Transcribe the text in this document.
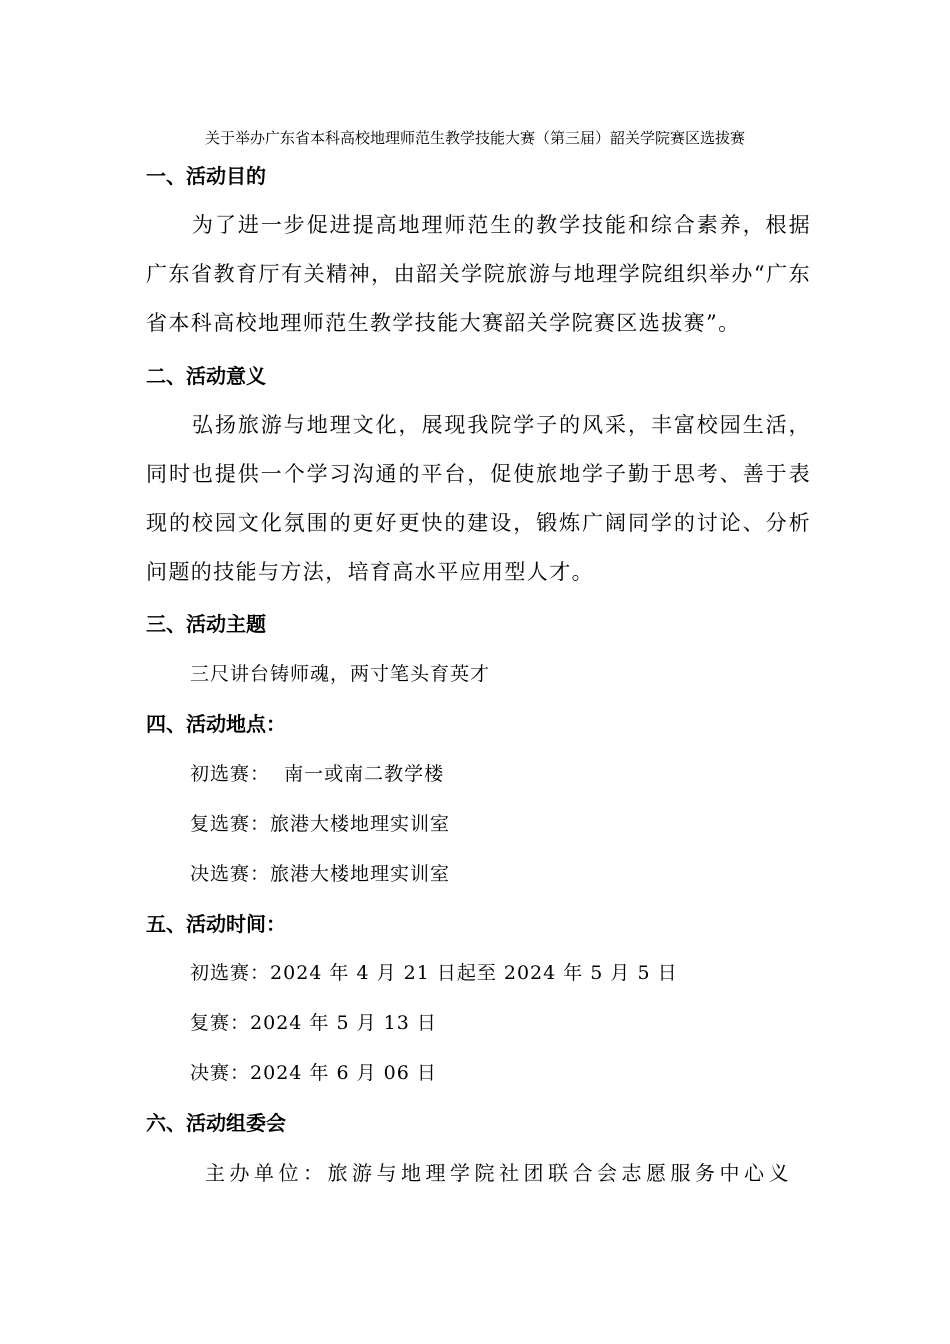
关于举办广东省本科高校地理师范生教学技能大赛（第三届）韶关学院赛区选拔赛
一、活动目的

为了进一步促进提高地理师范生的教学技能和综合素养，根据广东省教育厅有关精神，由韶关学院旅游与地理学院组织举办“广东省本科高校地理师范生教学技能大赛韶关学院赛区选拔赛”。

二、活动意义

弘扬旅游与地理文化，展现我院学子的风采，丰富校园生活，同时也提供一个学习沟通的平台，促使旅地学子勤于思考、善于表现的校园文化氛围的更好更快的建设，锻炼广阔同学的讨论、分析问题的技能与方法，培育高水平应用型人才。

三、活动主题
三尺讲台铸师魂，两寸笔头育英才
四、活动地点：
初选赛： 南一或南二教学楼
复选赛：旅港大楼地理实训室
决选赛：旅港大楼地理实训室
五、活动时间：
初选赛：2024 年 4 月 21 日起至 2024 年 5 月 5 日
复赛：2024 年 5 月 13 日
决赛：2024 年 6 月 06 日
六、活动组委会
主办单位：旅游与地理学院社团联合会志愿服务中心义
